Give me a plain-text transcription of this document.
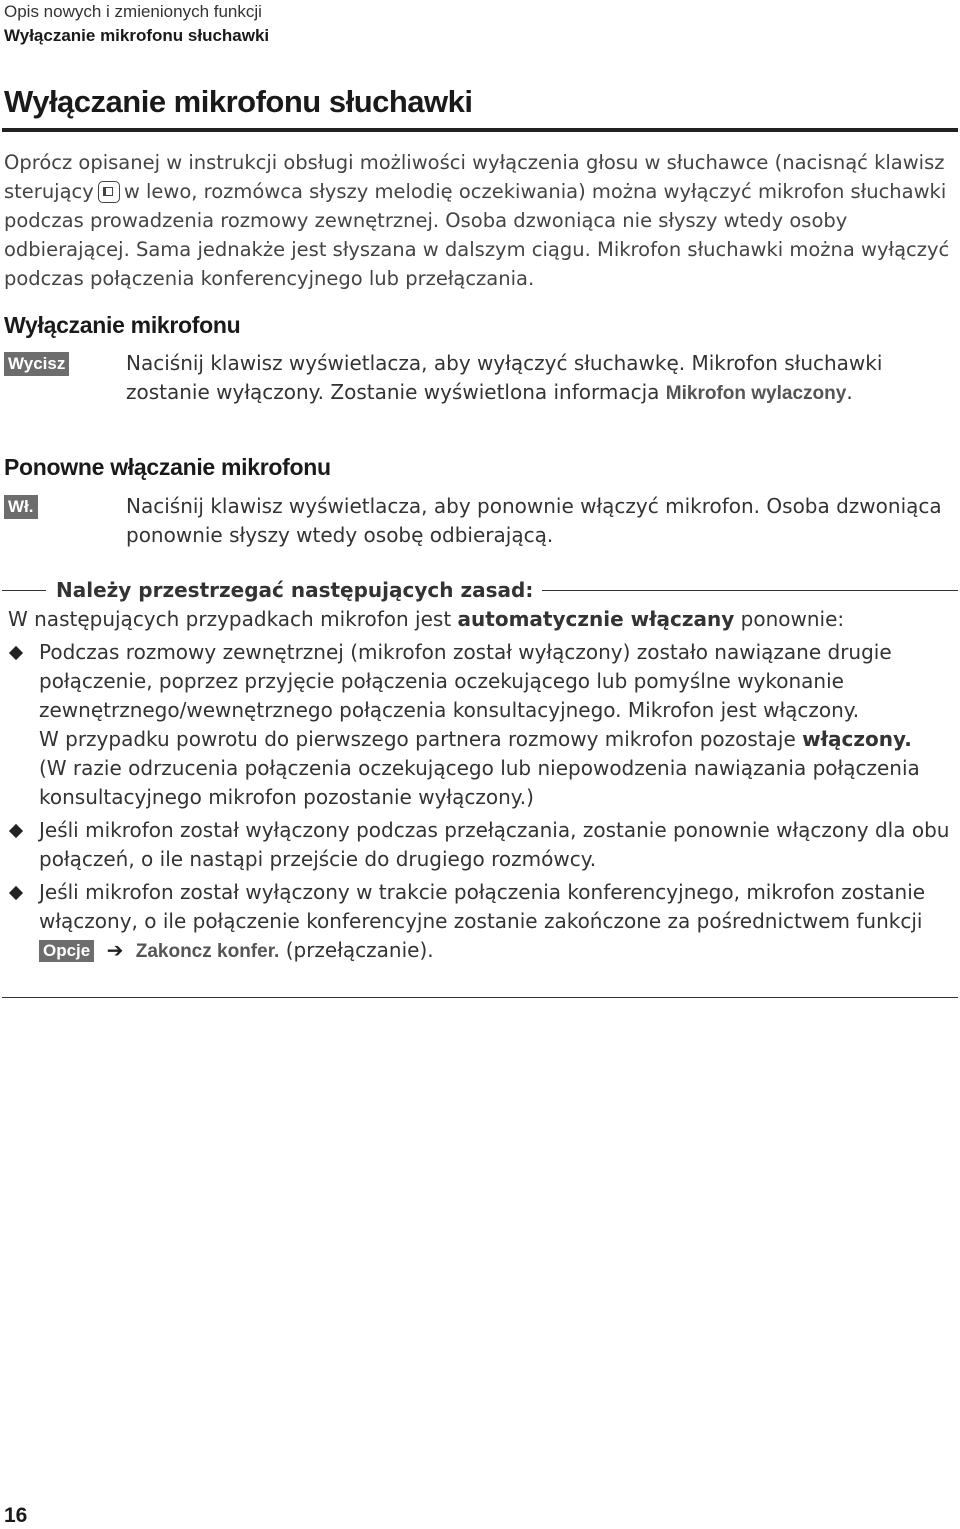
Opis nowych i zmienionych funkcji
Wyłączanie mikrofonu słuchawki
Wyłączanie mikrofonu słuchawki
Oprócz opisanej w instrukcji obsługi możliwości wyłączenia głosu w słuchawce (nacisnąć klawisz sterujący w lewo, rozmówca słyszy melodię oczekiwania) można wyłączyć mikrofon słuchawki podczas prowadzenia rozmowy zewnętrznej. Osoba dzwoniąca nie słyszy wtedy osoby odbierającej. Sama jednakże jest słyszana w dalszym ciągu. Mikrofon słuchawki można wyłączyć podczas połączenia konferencyjnego lub przełączania.
Wyłączanie mikrofonu
Wycisz	Naciśnij klawisz wyświetlacza, aby wyłączyć słuchawkę. Mikrofon słuchawki zostanie wyłączony. Zostanie wyświetlona informacja Mikrofon wylaczony.
Ponowne włączanie mikrofonu
Wł.	Naciśnij klawisz wyświetlacza, aby ponownie włączyć mikrofon. Osoba dzwoniąca ponownie słyszy wtedy osobę odbierającą.
Należy przestrzegać następujących zasad:

W następujących przypadkach mikrofon jest automatycznie włączany ponownie:

Podczas rozmowy zewnętrznej (mikrofon został wyłączony) zostało nawiązane drugie połączenie, poprzez przyjęcie połączenia oczekującego lub pomyślne wykonanie zewnętrznego/wewnętrznego połączenia konsultacyjnego. Mikrofon jest włączony.
W przypadku powrotu do pierwszego partnera rozmowy mikrofon pozostaje włączony.
(W razie odrzucenia połączenia oczekującego lub niepowodzenia nawiązania połączenia konsultacyjnego mikrofon pozostanie wyłączony.)
Jeśli mikrofon został wyłączony podczas przełączania, zostanie ponownie włączony dla obu połączeń, o ile nastąpi przejście do drugiego rozmówcy.
Jeśli mikrofon został wyłączony w trakcie połączenia konferencyjnego, mikrofon zostanie włączony, o ile połączenie konferencyjne zostanie zakończone za pośrednictwem funkcji Opcje ➔ Zakoncz konfer. (przełączanie).
16
